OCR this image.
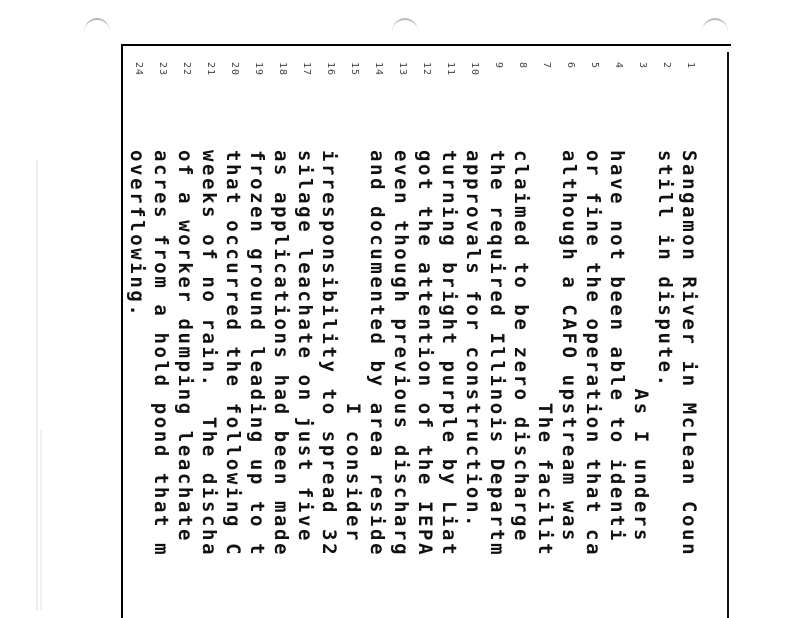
1
Sangamon River in McLean Coun
2
still in dispute.
3
As I unders
4
have not been able to identi
5
or fine the operation that ca
6
although a CAFO upstream was
7
The facilit
8
claimed to be zero discharge
9
the required Illinois Departm
10
approvals for construction.
11
turning bright purple by Liat
12
got the attention of the IEPA
13
even though previous discharg
14
and documented by area reside
15
I consider
16
irresponsibility to spread 32
17
silage leachate on just five
18
as applications had been made
19
frozen ground leading up to t
20
that occurred the following C
21
weeks of no rain.  The discha
22
of a worker dumping leachate
23
acres from a hold pond that m
24
overflowing.
